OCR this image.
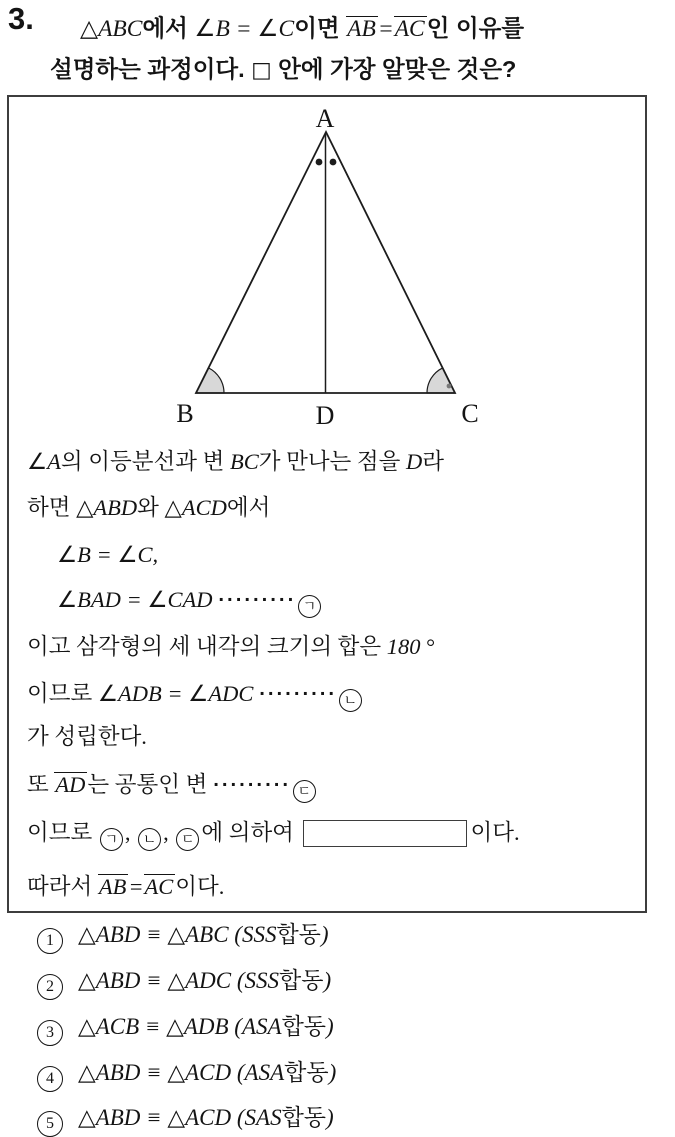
3. △ABC에서 ∠B = ∠C이면 AB=AC인 이유를
설명하는 과정이다. □ 안에 가장 알맞은 것은?
A
B	D	C
∠A의 이등분선과 변 BC가 만나는 점을 D라
하면 △ABD와 △ACD에서
∠B = ∠C,
∠BAD = ∠CAD ········· ㄱ
이고 삼각형의 세 내각의 크기의 합은 180 °
이므로 ∠ADB = ∠ADC ········· ㄴ
가 성립한다.
또 AD는 공통인 변 ········· ㄷ
이므로 ㄱ , ㄴ , ㄷ 에 의하여	이다.
따라서 AB=AC이다.
1 △ABD ≡ △ABC (SSS합동)
2 △ABD ≡ △ADC (SSS합동)
3 △ACB ≡ △ADB (ASA합동)
4 △ABD ≡ △ACD (ASA합동)
5 △ABD ≡ △ACD (SAS합동)
